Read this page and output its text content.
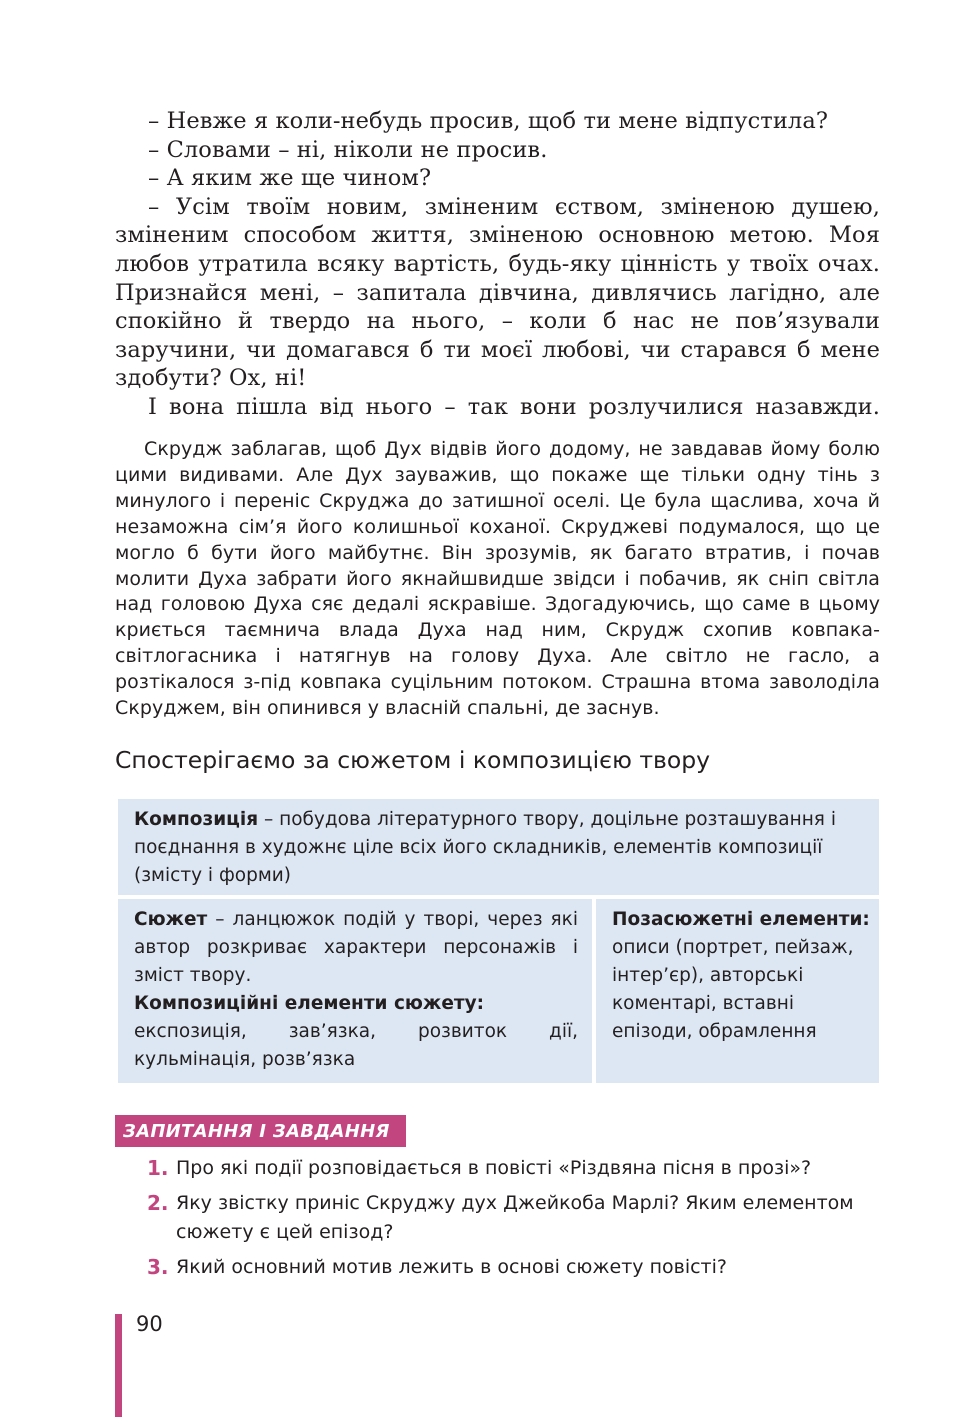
– Невже я коли-небудь просив, щоб ти мене відпустила?

– Словами – ні, ніколи не просив.

– А яким же ще чином?

– Усім твоїм новим, зміненим єством, зміненою душею, зміненим способом життя, зміненою основною метою. Моя любов утратила всяку вартість, будь-яку цінність у твоїх очах. Признайся мені, – запитала дівчина, дивлячись лагідно, але спокійно й твердо на нього, – коли б нас не пов’язували заручини, чи домагався б ти моєї любові, чи старався б мене здобути? Ох, ні!

І вона пішла від нього – так вони розлучилися назавжди.

Скрудж заблагав, щоб Дух відвів його додому, не завдавав йому болю цими видивами. Але Дух зауважив, що покаже ще тільки одну тінь з минулого і переніс Скруджа до затишної оселі. Це була щаслива, хоча й незаможна сім’я його колишньої коханої. Скруджеві подумалося, що це могло б бути його майбутнє. Він зрозумів, як багато втратив, і почав молити Духа забрати його якнайшвидше звідси і побачив, як сніп світла над головою Духа сяє дедалі яскравіше. Здогадуючись, що саме в цьому криється таємнича влада Духа над ним, Скрудж схопив ковпака-світлогасника і натягнув на голову Духа. Але світло не гасло, а розтікалося з-під ковпака суцільним потоком. Страшна втома заволоділа Скруджем, він опинився у власній спальні, де заснув.

Спостерігаємо за сюжетом і композицією твору

Композиція – побудова літературного твору, доцільне розташування і поєднання в художнє ціле всіх його складників, елементів композиції (змісту і форми)

Сюжет – ланцюжок подій у творі, через які автор розкриває характери персонажів і зміст твору.

Композиційні елементи сюжету:
експозиція, зав’язка, розвиток дії, кульмінація, розв’язка

Позасюжетні елементи:

описи (портрет, пейзаж,

інтер’єр), авторські

коментарі, вставні

епізоди, обрамлення

ЗАПИТАННЯ І ЗАВДАННЯ
1. Про які події розповідається в повісті «Різдвяна пісня в прозі»?
2. Яку звістку приніс Скруджу дух Джейкоба Марлі? Яким елементом сюжету є цей епізод?
3. Який основний мотив лежить в основі сюжету повісті?
90
